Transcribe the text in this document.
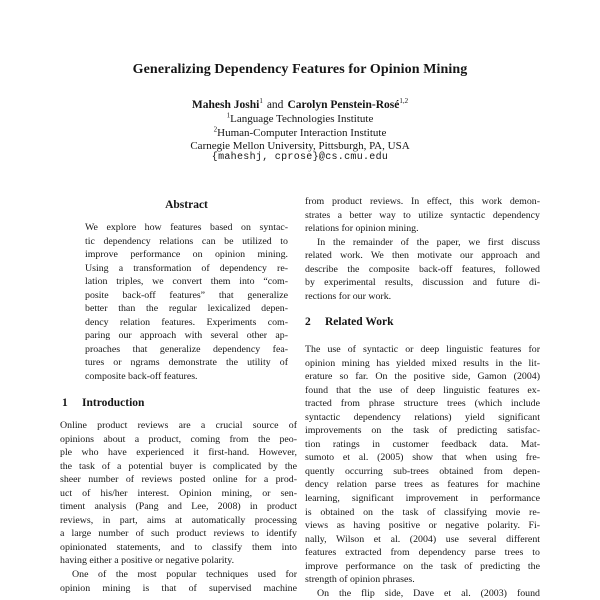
Generalizing Dependency Features for Opinion Mining
Mahesh Joshi$^1$ and Carolyn Penstein-Rosé$^{1,2}$
$^1$Language Technologies Institute
$^2$Human-Computer Interaction Institute
Carnegie Mellon University, Pittsburgh, PA, USA
{maheshj, cprose}@cs.cmu.edu
Abstract
We explore how features based on syntac-
tic dependency relations can be utilized to
improve performance on opinion mining.
Using a transformation of dependency re-
lation triples, we convert them into “com-
posite back-off features” that generalize
better than the regular lexicalized depen-
dency relation features. Experiments com-
paring our approach with several other ap-
proaches that generalize dependency fea-
tures or ngrams demonstrate the utility of
composite back-off features.
1 Introduction
Online product reviews are a crucial source of
opinions about a product, coming from the peo-
ple who have experienced it first-hand. However,
the task of a potential buyer is complicated by the
sheer number of reviews posted online for a prod-
uct of his/her interest. Opinion mining, or sen-
timent analysis (Pang and Lee, 2008) in product
reviews, in part, aims at automatically processing
a large number of such product reviews to identify
opinionated statements, and to classify them into
having either a positive or negative polarity.
One of the most popular techniques used for
opinion mining is that of supervised machine
from product reviews. In effect, this work demon-
strates a better way to utilize syntactic dependency
relations for opinion mining.
In the remainder of the paper, we first discuss
related work. We then motivate our approach and
describe the composite back-off features, followed
by experimental results, discussion and future di-
rections for our work.
2 Related Work
The use of syntactic or deep linguistic features for
opinion mining has yielded mixed results in the lit-
erature so far. On the positive side, Gamon (2004)
found that the use of deep linguistic features ex-
tracted from phrase structure trees (which include
syntactic dependency relations) yield significant
improvements on the task of predicting satisfac-
tion ratings in customer feedback data. Mat-
sumoto et al. (2005) show that when using fre-
quently occurring sub-trees obtained from depen-
dency relation parse trees as features for machine
learning, significant improvement in performance
is obtained on the task of classifying movie re-
views as having positive or negative polarity. Fi-
nally, Wilson et al. (2004) use several different
features extracted from dependency parse trees to
improve performance on the task of predicting the
strength of opinion phrases.
On the flip side, Dave et al. (2003) found
